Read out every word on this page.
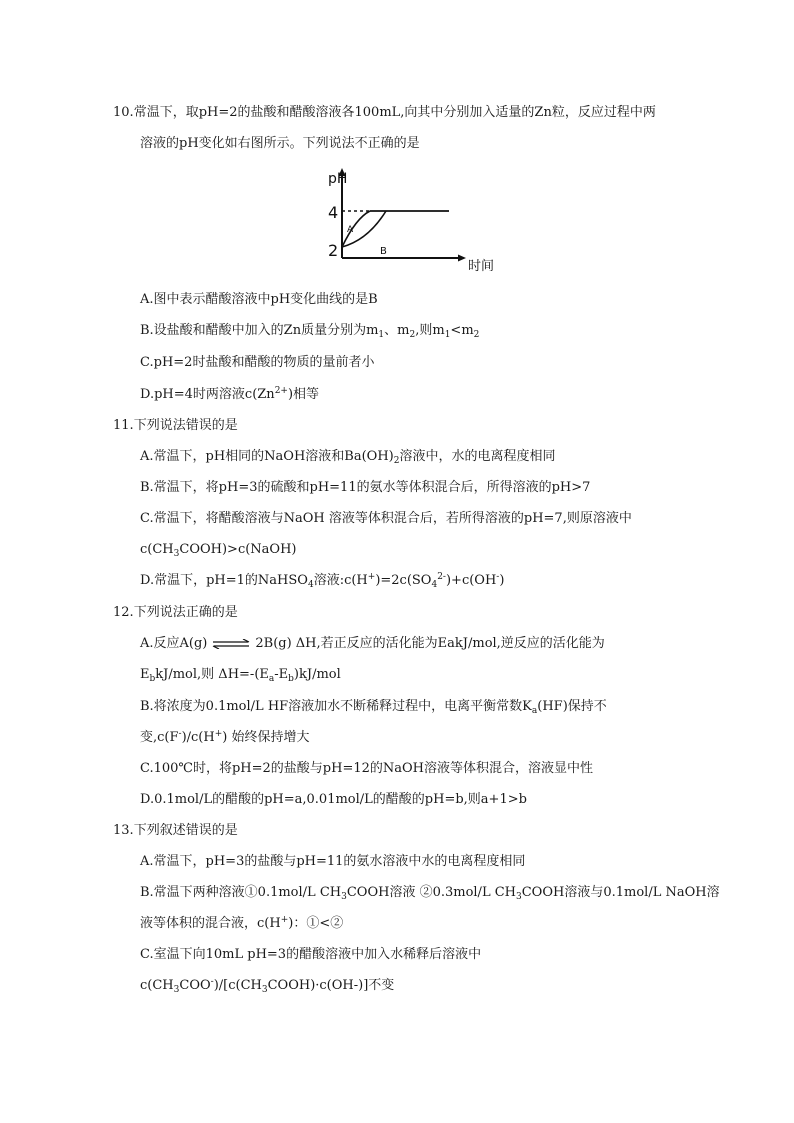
10.常温下，取pH=2的盐酸和醋酸溶液各100mL,向其中分别加入适量的Zn粒，反应过程中两
溶液的pH变化如右图所示。下列说法不正确的是
pH
时间
4
2
A
B
A.图中表示醋酸溶液中pH变化曲线的是B
B.设盐酸和醋酸中加入的Zn质量分别为$m_1$、$m_2$,则$m_1<m_2$
C.pH=2时盐酸和醋酸的物质的量前者小
D.pH=4时两溶液$c(Zn^{2+})$相等
11.下列说法错误的是
A.常温下，pH相同的NaOH溶液和$Ba(OH)_2$溶液中，水的电离程度相同
B.常温下，将pH=3的硫酸和pH=11的氨水等体积混合后，所得溶液的pH>7
C.常温下，将醋酸溶液与NaOH 溶液等体积混合后，若所得溶液的pH=7,则原溶液中
$c(CH_3COOH)>c(NaOH)$
D.常温下，pH=1的NaHSO$_4$溶液$:c(H^+)=2c(SO_4^{2-})+c(OH^-)$
12.下列说法正确的是
A.反应A(g) ⇌ 2B(g) ΔH,若正反应的活化能为EakJ/mol,逆反应的活化能为
$E_bkJ$/mol,则 $\Delta H=-(E_a-E_b)kJ$/mol
B.将浓度为0.1mol/L HF溶液加水不断稀释过程中，电离平衡常数$K_a(HF)$保持不
变,c(F-)/c(H+) 始终保持增大
C.100℃时，将pH=2的盐酸与pH=12的NaOH溶液等体积混合，溶液显中性
D.0.1mol/L的醋酸的pH=a,0.01mol/L的醋酸的pH=b,则a+1>b
13.下列叙述错误的是
A.常温下，pH=3的盐酸与pH=11的氨水溶液中水的电离程度相同
B.常温下两种溶液①0.1mol/L $CH_3COOH$溶液 ②0.3mol/L $CH_3COOH$溶液与0.1mol/L NaOH溶
液等体积的混合液，c(H+)：①<②
C.室温下向10mL pH=3的醋酸溶液中加入水稀释后溶液中
$c(CH_3COO^-)/[c(CH_3COOH)\cdot c(OH-)]$不变
